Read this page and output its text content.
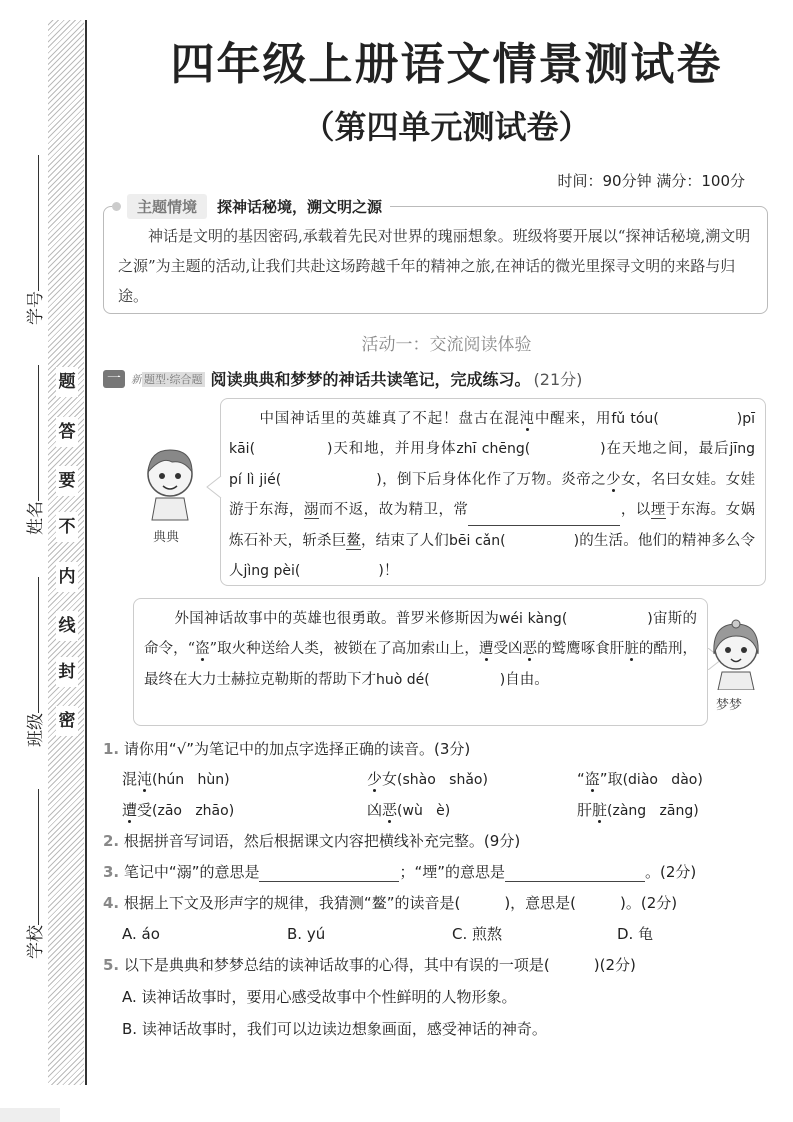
题
答
要
不
内
线
封
密
学号
姓名
班级
学校
四年级上册语文情景测试卷
（第四单元测试卷）
时间：90分钟 满分：100分
神话是文明的基因密码,承载着先民对世界的瑰丽想象。班级将要开展以“探神话秘境,溯文明之源”为主题的活动,让我们共赴这场跨越千年的精神之旅,在神话的微光里探寻文明的来路与归途。
主题情境	探神话秘境，溯文明之源
活动一：交流阅读体验
一 新 题型·综合题 阅读典典和梦梦的神话共读笔记，完成练习。 (21分)
典典
中国神话里的英雄真了不起！盘古在混沌中醒来，用fǔ tóu(	)pī kāi(	)天和地，并用身体zhī chēng(	)在天地之间，最后jīng pí lì jié(	)，倒下后身体化作了万物。炎帝之少女，名曰女娃。女娃游于东海，溺而不返，故为精卫，常	，以堙于东海。女娲炼石补天，斩杀巨鳌，结束了人们bēi cǎn(	)的生活。他们的精神多么令人jìng pèi(	)！
外国神话故事中的英雄也很勇敢。普罗米修斯因为wéi kàng(	)宙斯的命令，“盗”取火种送给人类，被锁在了高加索山上，遭受凶恶的鹫鹰啄食肝脏的酷刑，最终在大力士赫拉克勒斯的帮助下才huò dé(	)自由。
梦梦
1. 请你用“√”为笔记中的加点字选择正确的读音。(3分)
混沌(hún   hùn)	少女(shào   shǎo)	“盗”取(diào   dào)
遭受(zāo   zhāo)	凶恶(wù   è)	肝脏(zàng   zāng)
2. 根据拼音写词语，然后根据课文内容把横线补充完整。(9分)
3. 笔记中“溺”的意思是	；“堙”的意思是	。(2分)
4. 根据上下文及形声字的规律，我猜测“鳌”的读音是(	)，意思是(	)。(2分)
A. áo	B. yú	C. 煎熬	D. 龟
5. 以下是典典和梦梦总结的读神话故事的心得，其中有误的一项是(	)(2分)
A. 读神话故事时，要用心感受故事中个性鲜明的人物形象。
B. 读神话故事时，我们可以边读边想象画面，感受神话的神奇。
